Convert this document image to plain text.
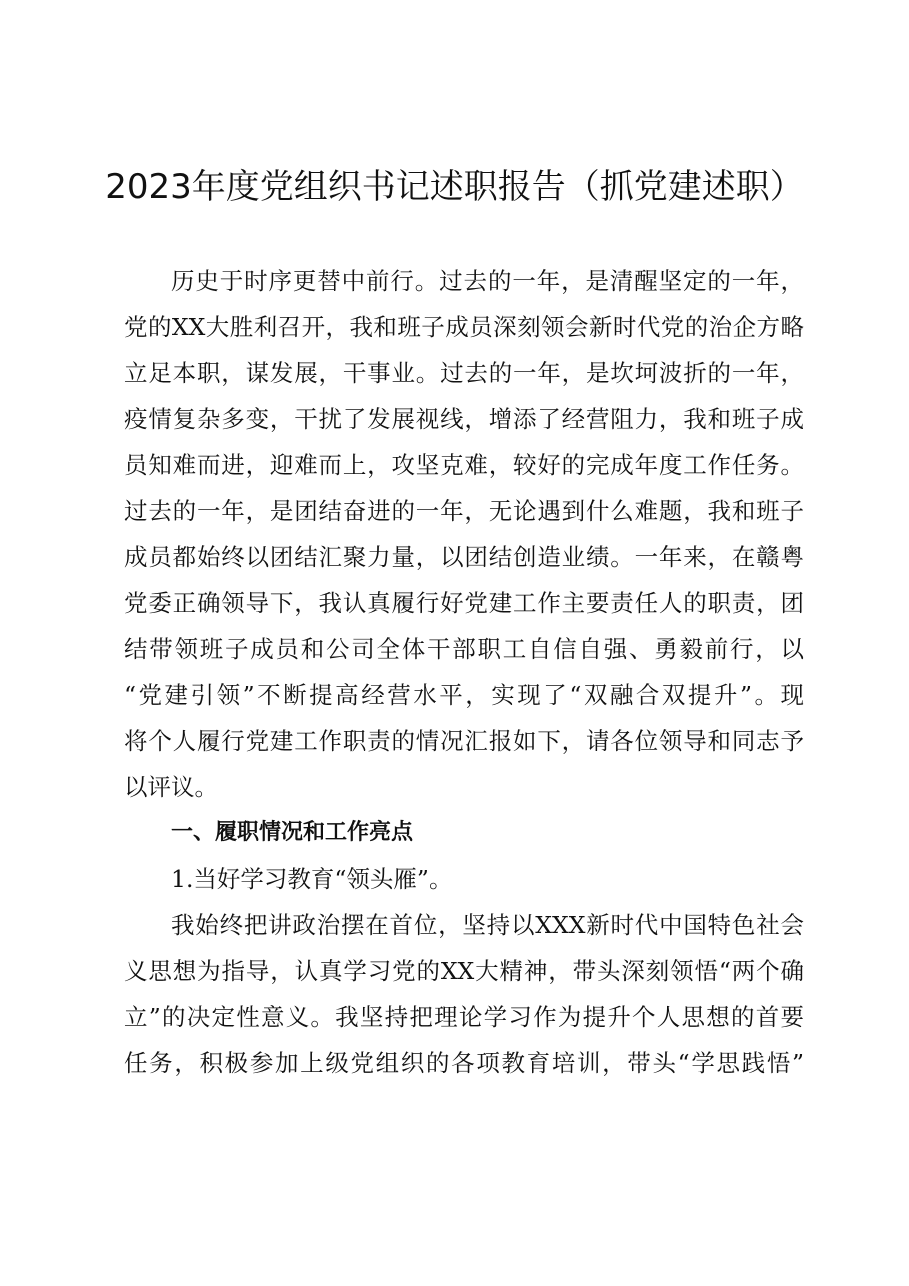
2023年度党组织书记述职报告（抓党建述职）
历史于时序更替中前行。过去的一年，是清醒坚定的一年，
党的XX大胜利召开，我和班子成员深刻领会新时代党的治企方略
立足本职，谋发展，干事业。过去的一年，是坎坷波折的一年，
疫情复杂多变，干扰了发展视线，增添了经营阻力，我和班子成
员知难而进，迎难而上，攻坚克难，较好的完成年度工作任务。
过去的一年，是团结奋进的一年，无论遇到什么难题，我和班子
成员都始终以团结汇聚力量，以团结创造业绩。一年来，在赣粤
党委正确领导下，我认真履行好党建工作主要责任人的职责，团
结带领班子成员和公司全体干部职工自信自强、勇毅前行，以
“党建引领”不断提高经营水平，实现了“双融合双提升”。现
将个人履行党建工作职责的情况汇报如下，请各位领导和同志予
以评议。
一、履职情况和工作亮点
1.当好学习教育“领头雁”。
我始终把讲政治摆在首位，坚持以XXX新时代中国特色社会
义思想为指导，认真学习党的XX大精神，带头深刻领悟“两个确
立”的决定性意义。我坚持把理论学习作为提升个人思想的首要
任务，积极参加上级党组织的各项教育培训，带头“学思践悟”
